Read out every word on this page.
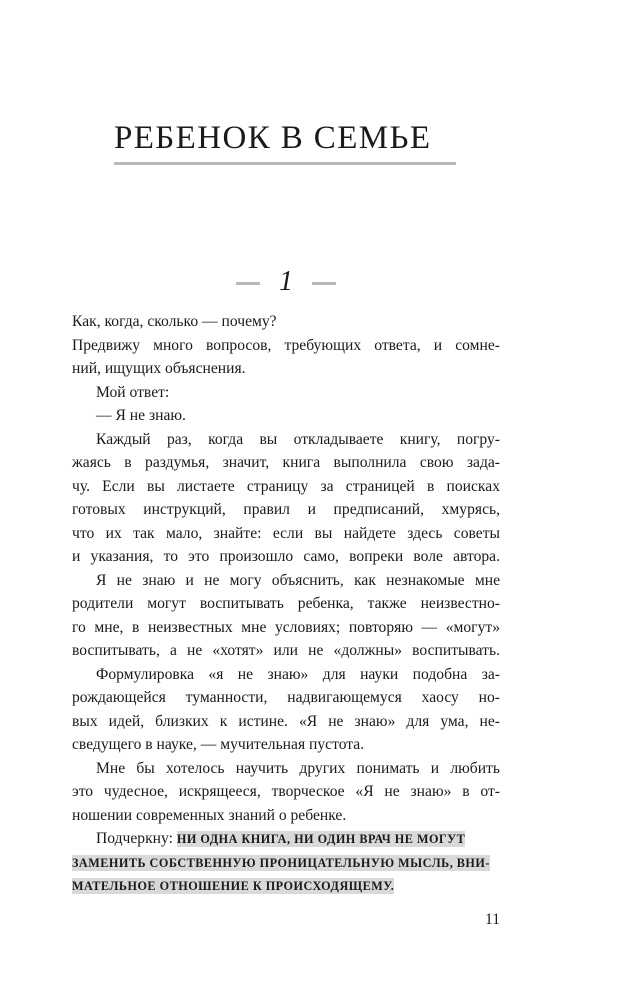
РЕБЕНОК В СЕМЬЕ
1
Как, когда, сколько — почему?
Предвижу много вопросов, требующих ответа, и сомне-
ний, ищущих объяснения.
Мой ответ:
— Я не знаю.
Каждый раз, когда вы откладываете книгу, погру-
жаясь в раздумья, значит, книга выполнила свою зада-
чу. Если вы листаете страницу за страницей в поисках
готовых инструкций, правил и предписаний, хмурясь,
что их так мало, знайте: если вы найдете здесь советы
и указания, то это произошло само, вопреки воле автора.
Я не знаю и не могу объяснить, как незнакомые мне
родители могут воспитывать ребенка, также неизвестно-
го мне, в неизвестных мне условиях; повторяю — «могут»
воспитывать, а не «хотят» или не «должны» воспитывать.
Формулировка «я не знаю» для науки подобна за-
рождающейся туманности, надвигающемуся хаосу но-
вых идей, близких к истине. «Я не знаю» для ума, не-
сведущего в науке, — мучительная пустота.
Мне бы хотелось научить других понимать и любить
это чудесное, искрящееся, творческое «Я не знаю» в от-
ношении современных знаний о ребенке.
Подчеркну: НИ ОДНА КНИГА, НИ ОДИН ВРАЧ НЕ МОГУТ
ЗАМЕНИТЬ СОБСТВЕННУЮ ПРОНИЦАТЕЛЬНУЮ МЫСЛЬ, ВНИ-
МАТЕЛЬНОЕ ОТНОШЕНИЕ К ПРОИСХОДЯЩЕМУ.
11
